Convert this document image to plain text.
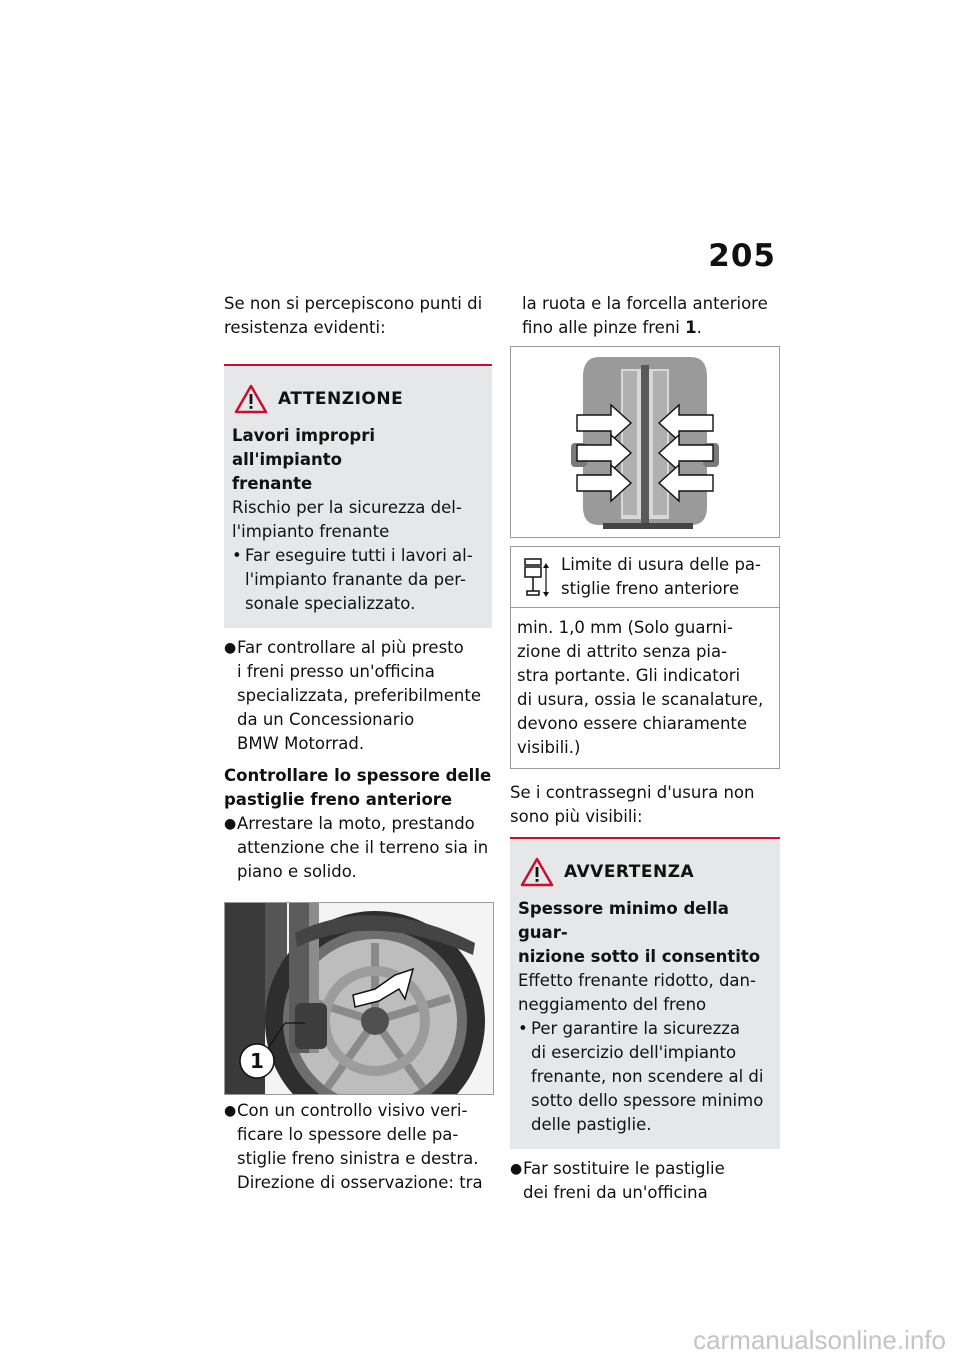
205

Se non si percepiscono punti di

resistenza evidenti:

ATTENZIONE

Lavori impropri all'impianto

frenante

Rischio per la sicurezza del-

l'impianto frenante

• Far eseguire tutti i lavori al-
l'impianto franante da per-
sonale specializzato.
● Far controllare al più presto
i freni presso un'officina
specializzata, preferibilmente
da un Concessionario
BMW Motorrad.

Controllare lo spessore delle

pastiglie freno anteriore

● Arrestare la moto, prestando
attenzione che il terreno sia in
piano e solido.
1
● Con un controllo visivo veri-
ficare lo spessore delle pa-
stiglie freno sinistra e destra.
Direzione di osservazione: tra

la ruota e la forcella anteriore

fino alle pinze freni 1.

Limite di usura delle pa-

stiglie freno anteriore

min. 1,0 mm (Solo guarni-

zione di attrito senza pia-

stra portante. Gli indicatori

di usura, ossia le scanalature,

devono essere chiaramente

visibili.)

Se i contrassegni d'usura non

sono più visibili:

AVVERTENZA

Spessore minimo della guar-

nizione sotto il consentito

Effetto frenante ridotto, dan-

neggiamento del freno

• Per garantire la sicurezza
di esercizio dell'impianto
frenante, non scendere al di
sotto dello spessore minimo
delle pastiglie.
● Far sostituire le pastiglie
dei freni da un'officina
carmanualsonline.info
